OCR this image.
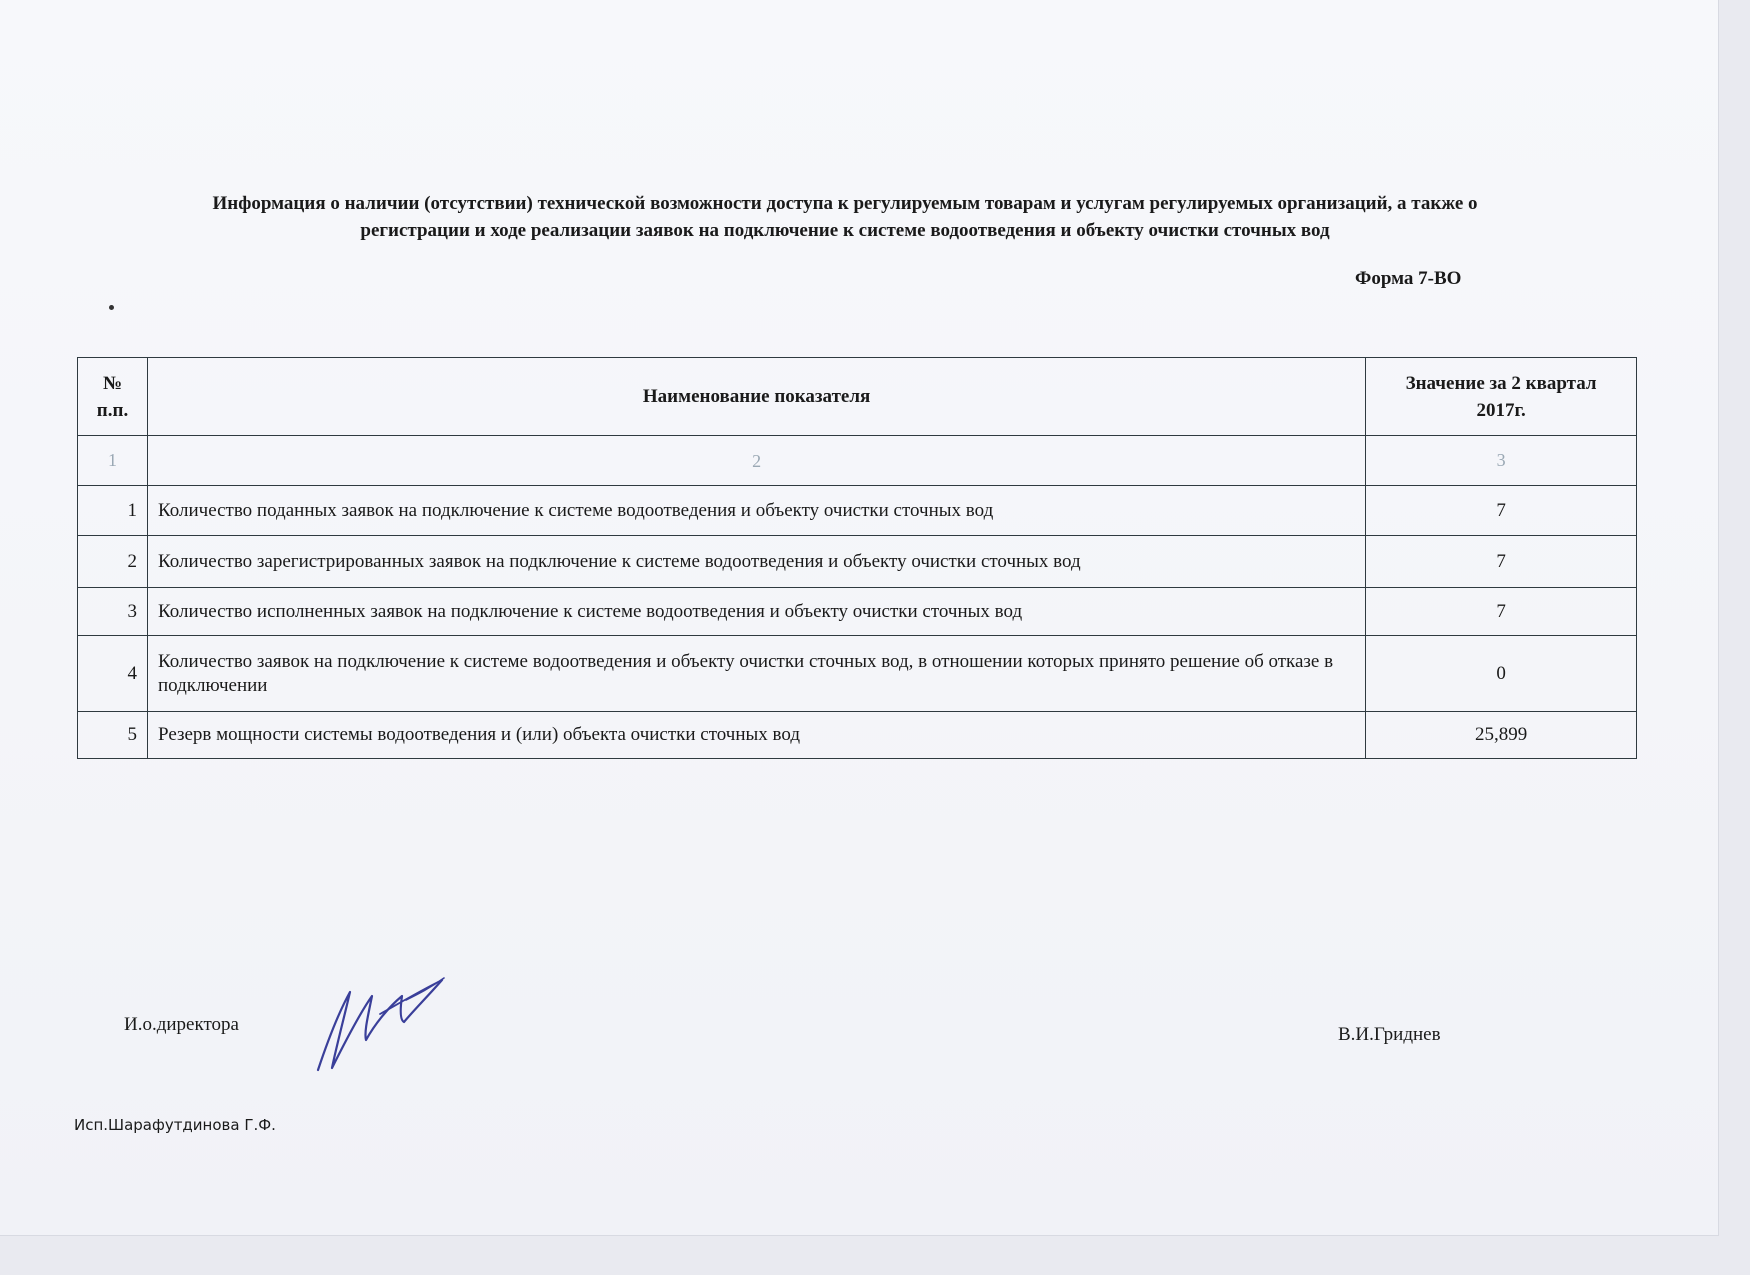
Информация о наличии (отсутствии) технической возможности доступа к регулируемым товарам и услугам регулируемых организаций, а также о
регистрации и ходе реализации заявок на подключение к системе водоотведения и объекту очистки сточных вод
Форма 7-ВО
№ п.п.	Наименование показателя	Значение за 2 квартал
2017г.

1	2	3
1	Количество поданных заявок на подключение к системе водоотведения и объекту очистки сточных вод	7
2	Количество зарегистрированных заявок на подключение к системе водоотведения и объекту очистки сточных вод	7
3	Количество исполненных заявок на подключение к системе водоотведения и объекту очистки сточных вод	7
4	Количество заявок на подключение к системе водоотведения и объекту очистки сточных вод, в отношении которых принято решение об отказе в подключении	0
5	Резерв мощности системы водоотведения и (или) объекта очистки сточных вод	25,899
И.о.директора	В.И.Гриднев
Исп.Шарафутдинова Г.Ф.
